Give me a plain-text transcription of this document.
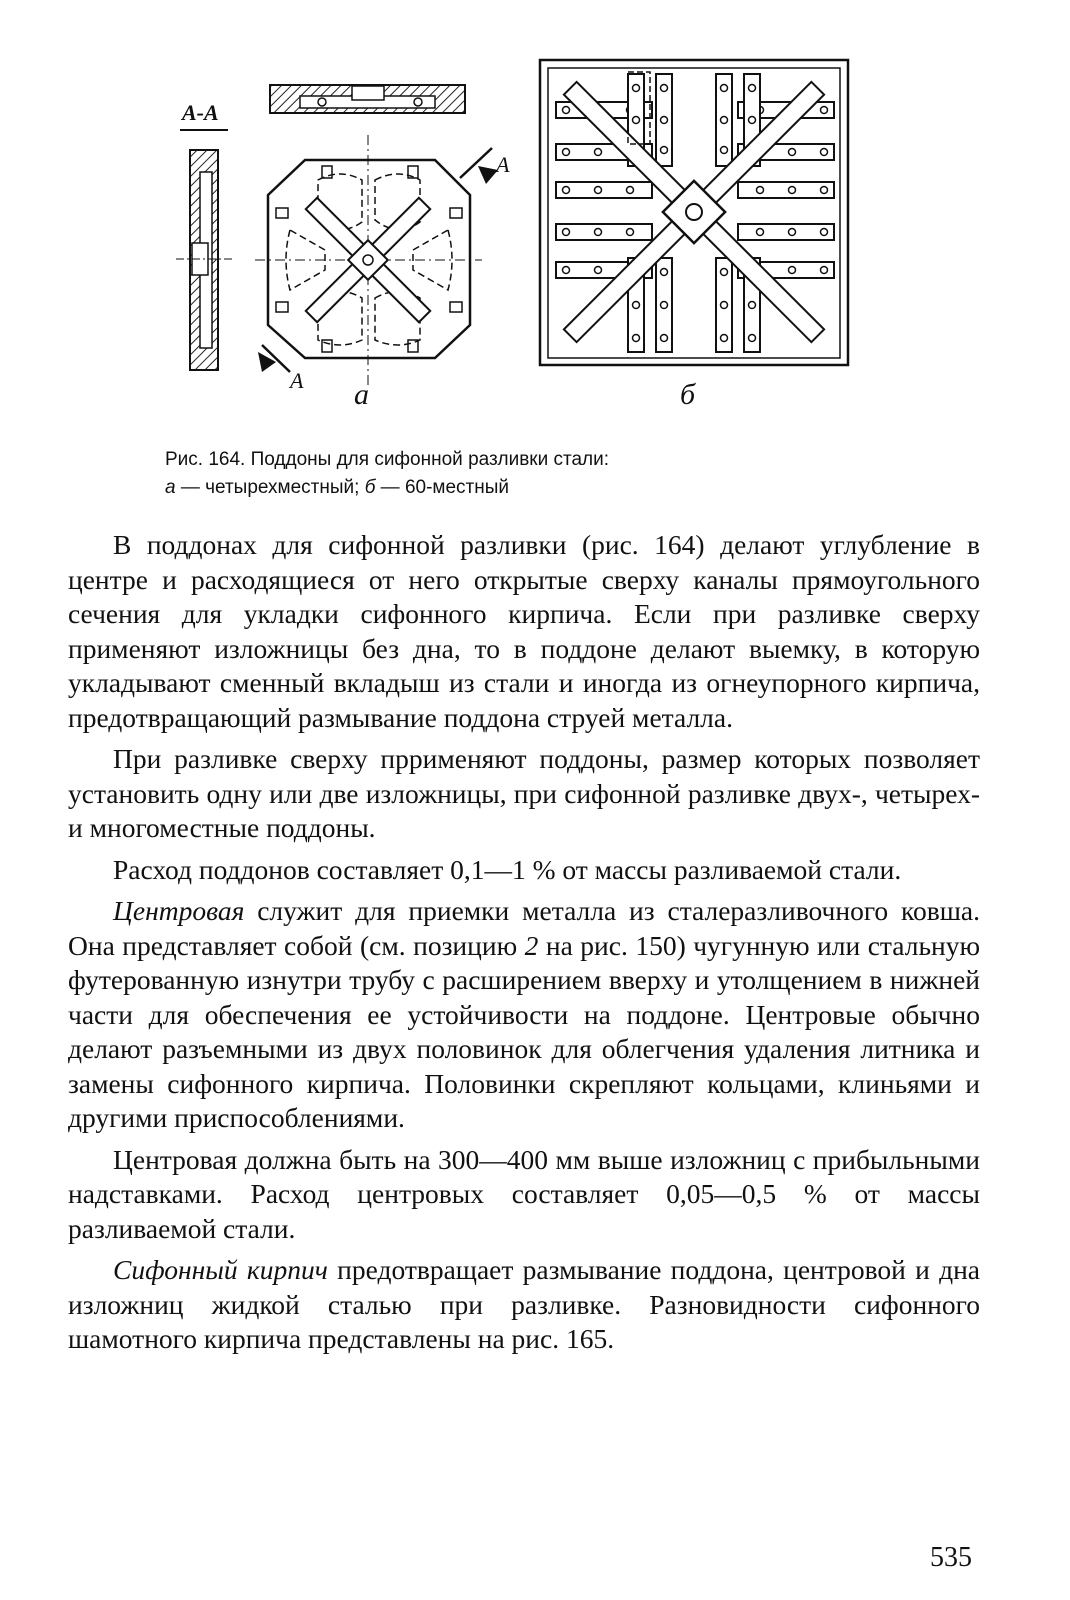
А-А
А
А а	б
Рис. 164. Поддоны для сифонной разливки стали:
а — четырехместный; б — 60-местный

В поддонах для сифонной разливки (рис. 164) делают углубление в центре и расходящиеся от него открытые сверху каналы прямоугольного сечения для укладки сифонного кирпича. Если при разливке сверху применяют изложницы без дна, то в поддоне делают выемку, в которую укладывают сменный вкладыш из стали и иногда из огнеупорного кирпича, предотвращающий размывание поддона струей металла.

При разливке сверху пррименяют поддоны, размер которых позволяет установить одну или две изложницы, при сифонной разливке двух-, четырех- и многоместные поддоны.

Расход поддонов составляет 0,1—1 % от массы разливаемой стали.

Центровая служит для приемки металла из сталеразливочного ковша. Она представляет собой (см. позицию 2 на рис. 150) чугунную или стальную футерованную изнутри трубу с расширением вверху и утолщением в нижней части для обеспечения ее устойчивости на поддоне. Центровые обычно делают разъемными из двух половинок для облегчения удаления литника и замены сифонного кирпича. Половинки скрепляют кольцами, клиньями и другими приспособлениями.

Центровая должна быть на 300—400 мм выше изложниц с прибыльными надставками. Расход центровых составляет 0,05—0,5 % от массы разливаемой стали.

Сифонный кирпич предотвращает размывание поддона, центровой и дна изложниц жидкой сталью при разливке. Разновидности сифонного шамотного кирпича представлены на рис. 165.

535
